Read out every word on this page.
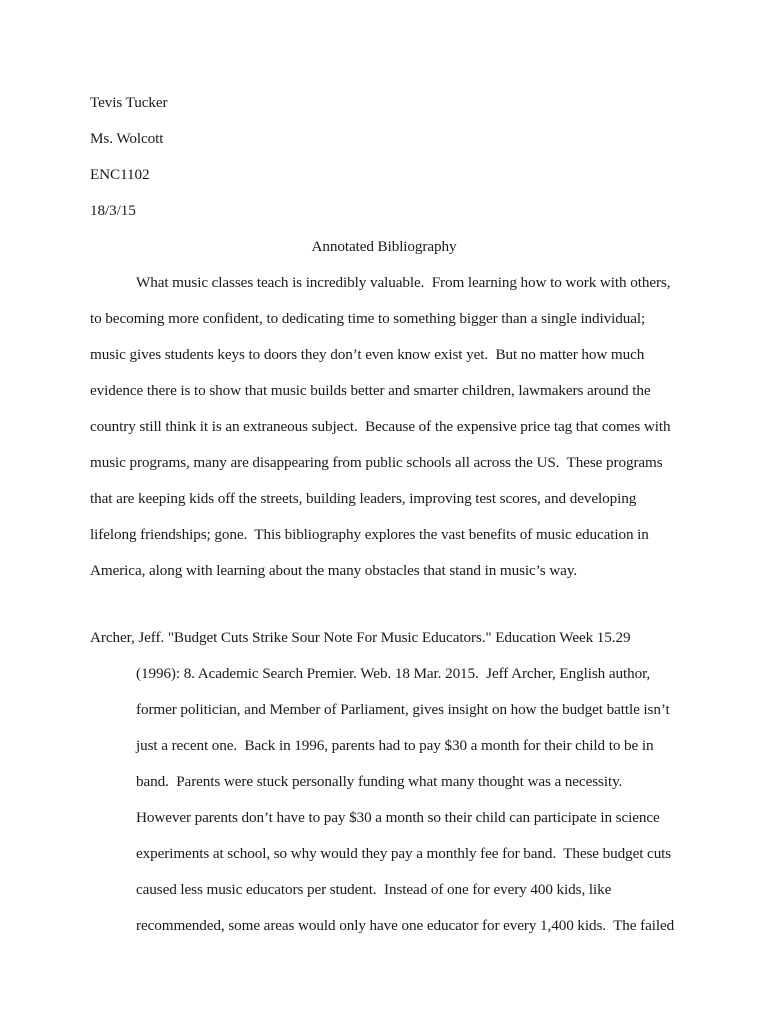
Tevis Tucker
Ms. Wolcott
ENC1102
18/3/15
Annotated Bibliography
What music classes teach is incredibly valuable.  From learning how to work with others,
to becoming more confident, to dedicating time to something bigger than a single individual;
music gives students keys to doors they don’t even know exist yet.  But no matter how much
evidence there is to show that music builds better and smarter children, lawmakers around the
country still think it is an extraneous subject.  Because of the expensive price tag that comes with
music programs, many are disappearing from public schools all across the US.  These programs
that are keeping kids off the streets, building leaders, improving test scores, and developing
lifelong friendships; gone.  This bibliography explores the vast benefits of music education in
America, along with learning about the many obstacles that stand in music’s way.
Archer, Jeff. "Budget Cuts Strike Sour Note For Music Educators." Education Week 15.29
(1996): 8. Academic Search Premier. Web. 18 Mar. 2015.  Jeff Archer, English author,
former politician, and Member of Parliament, gives insight on how the budget battle isn’t
just a recent one.  Back in 1996, parents had to pay $30 a month for their child to be in
band.  Parents were stuck personally funding what many thought was a necessity.
However parents don’t have to pay $30 a month so their child can participate in science
experiments at school, so why would they pay a monthly fee for band.  These budget cuts
caused less music educators per student.  Instead of one for every 400 kids, like
recommended, some areas would only have one educator for every 1,400 kids.  The failed
